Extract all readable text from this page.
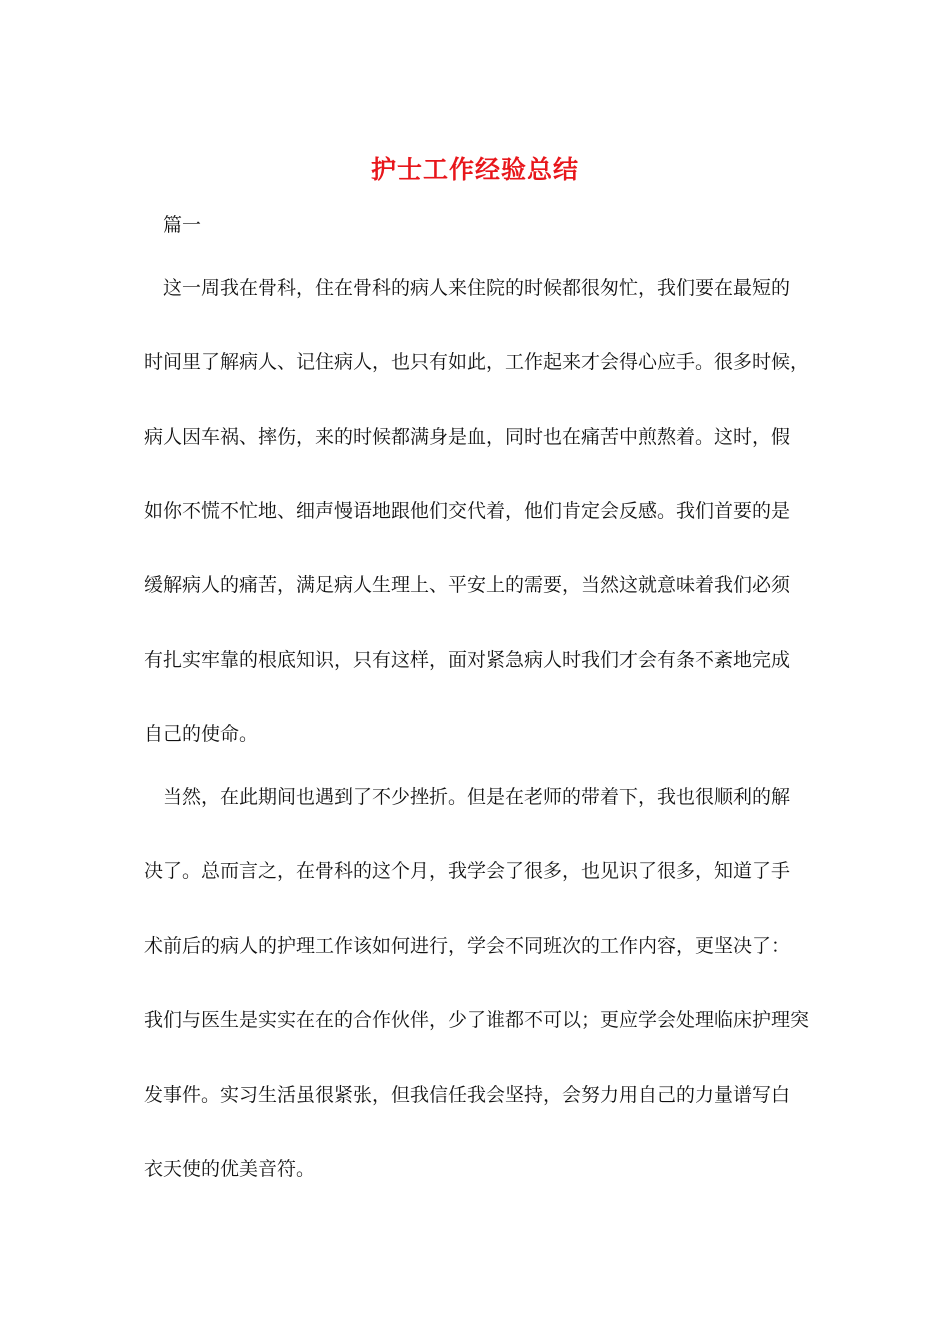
护士工作经验总结
篇一
这一周我在骨科，住在骨科的病人来住院的时候都很匆忙，我们要在最短的
时间里了解病人、记住病人，也只有如此，工作起来才会得心应手。很多时候，
病人因车祸、摔伤，来的时候都满身是血，同时也在痛苦中煎熬着。这时，假
如你不慌不忙地、细声慢语地跟他们交代着，他们肯定会反感。我们首要的是
缓解病人的痛苦，满足病人生理上、平安上的需要，当然这就意味着我们必须
有扎实牢靠的根底知识，只有这样，面对紧急病人时我们才会有条不紊地完成
自己的使命。
当然，在此期间也遇到了不少挫折。但是在老师的带着下，我也很顺利的解
决了。总而言之，在骨科的这个月，我学会了很多，也见识了很多，知道了手
术前后的病人的护理工作该如何进行，学会不同班次的工作内容，更坚决了：
我们与医生是实实在在的合作伙伴，少了谁都不可以；更应学会处理临床护理突
发事件。实习生活虽很紧张，但我信任我会坚持，会努力用自己的力量谱写白
衣天使的优美音符。
